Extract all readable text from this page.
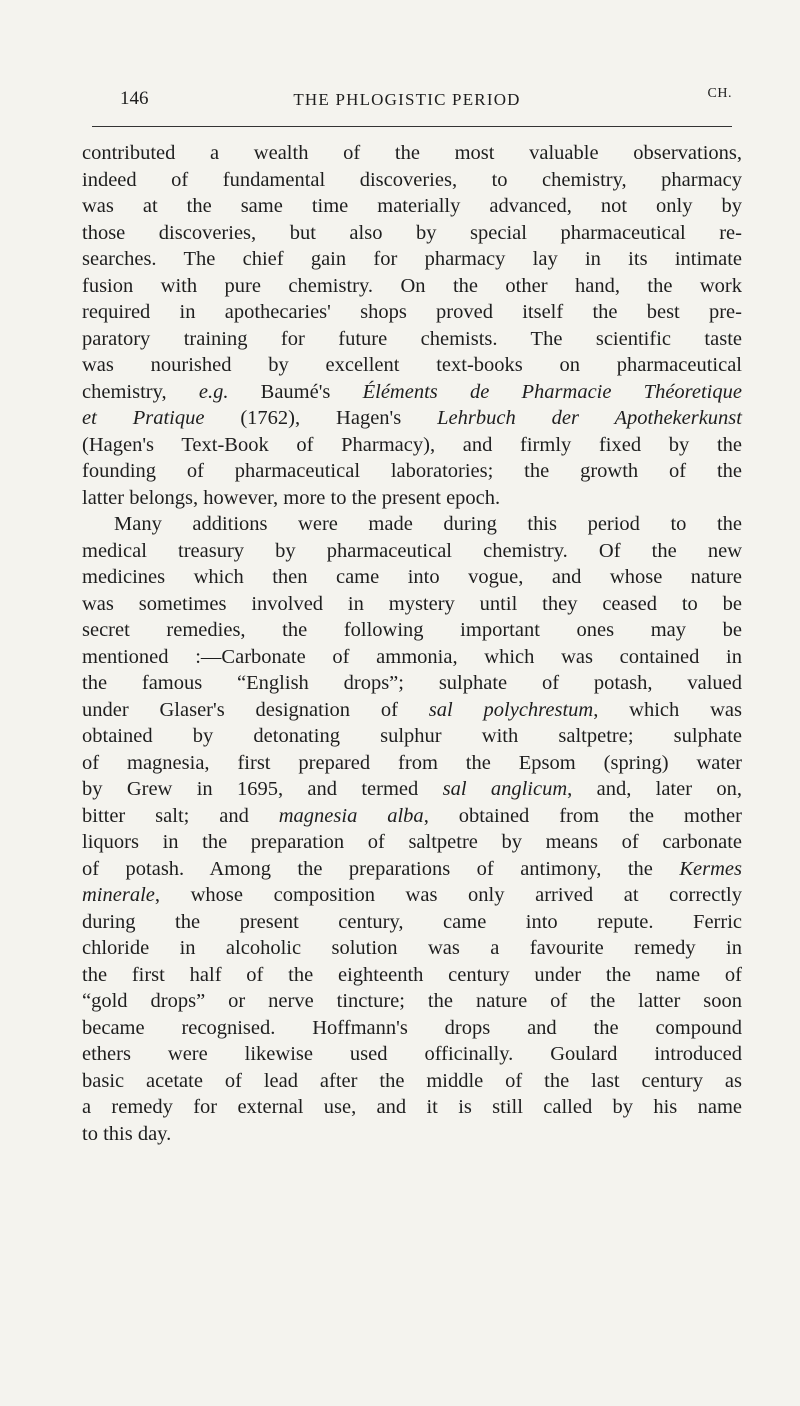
146	THE PHLOGISTIC PERIOD	CH.
contributed a wealth of the most valuable observations,
indeed of fundamental discoveries, to chemistry, pharmacy
was at the same time materially advanced, not only by
those discoveries, but also by special pharmaceutical re-
searches. The chief gain for pharmacy lay in its intimate
fusion with pure chemistry. On the other hand, the work
required in apothecaries' shops proved itself the best pre-
paratory training for future chemists. The scientific taste
was nourished by excellent text-books on pharmaceutical
chemistry, e.g. Baumé's Éléments de Pharmacie Théoretique
et Pratique (1762), Hagen's Lehrbuch der Apothekerkunst
(Hagen's Text-Book of Pharmacy), and firmly fixed by the
founding of pharmaceutical laboratories; the growth of the
latter belongs, however, more to the present epoch.
Many additions were made during this period to the
medical treasury by pharmaceutical chemistry. Of the new
medicines which then came into vogue, and whose nature
was sometimes involved in mystery until they ceased to be
secret remedies, the following important ones may be
mentioned :—Carbonate of ammonia, which was contained in
the famous “English drops”; sulphate of potash, valued
under Glaser's designation of sal polychrestum, which was
obtained by detonating sulphur with saltpetre; sulphate
of magnesia, first prepared from the Epsom (spring) water
by Grew in 1695, and termed sal anglicum, and, later on,
bitter salt; and magnesia alba, obtained from the mother
liquors in the preparation of saltpetre by means of carbonate
of potash. Among the preparations of antimony, the Kermes
minerale, whose composition was only arrived at correctly
during the present century, came into repute. Ferric
chloride in alcoholic solution was a favourite remedy in
the first half of the eighteenth century under the name of
“gold drops” or nerve tincture; the nature of the latter soon
became recognised. Hoffmann's drops and the compound
ethers were likewise used officinally. Goulard introduced
basic acetate of lead after the middle of the last century as
a remedy for external use, and it is still called by his name
to this day.
